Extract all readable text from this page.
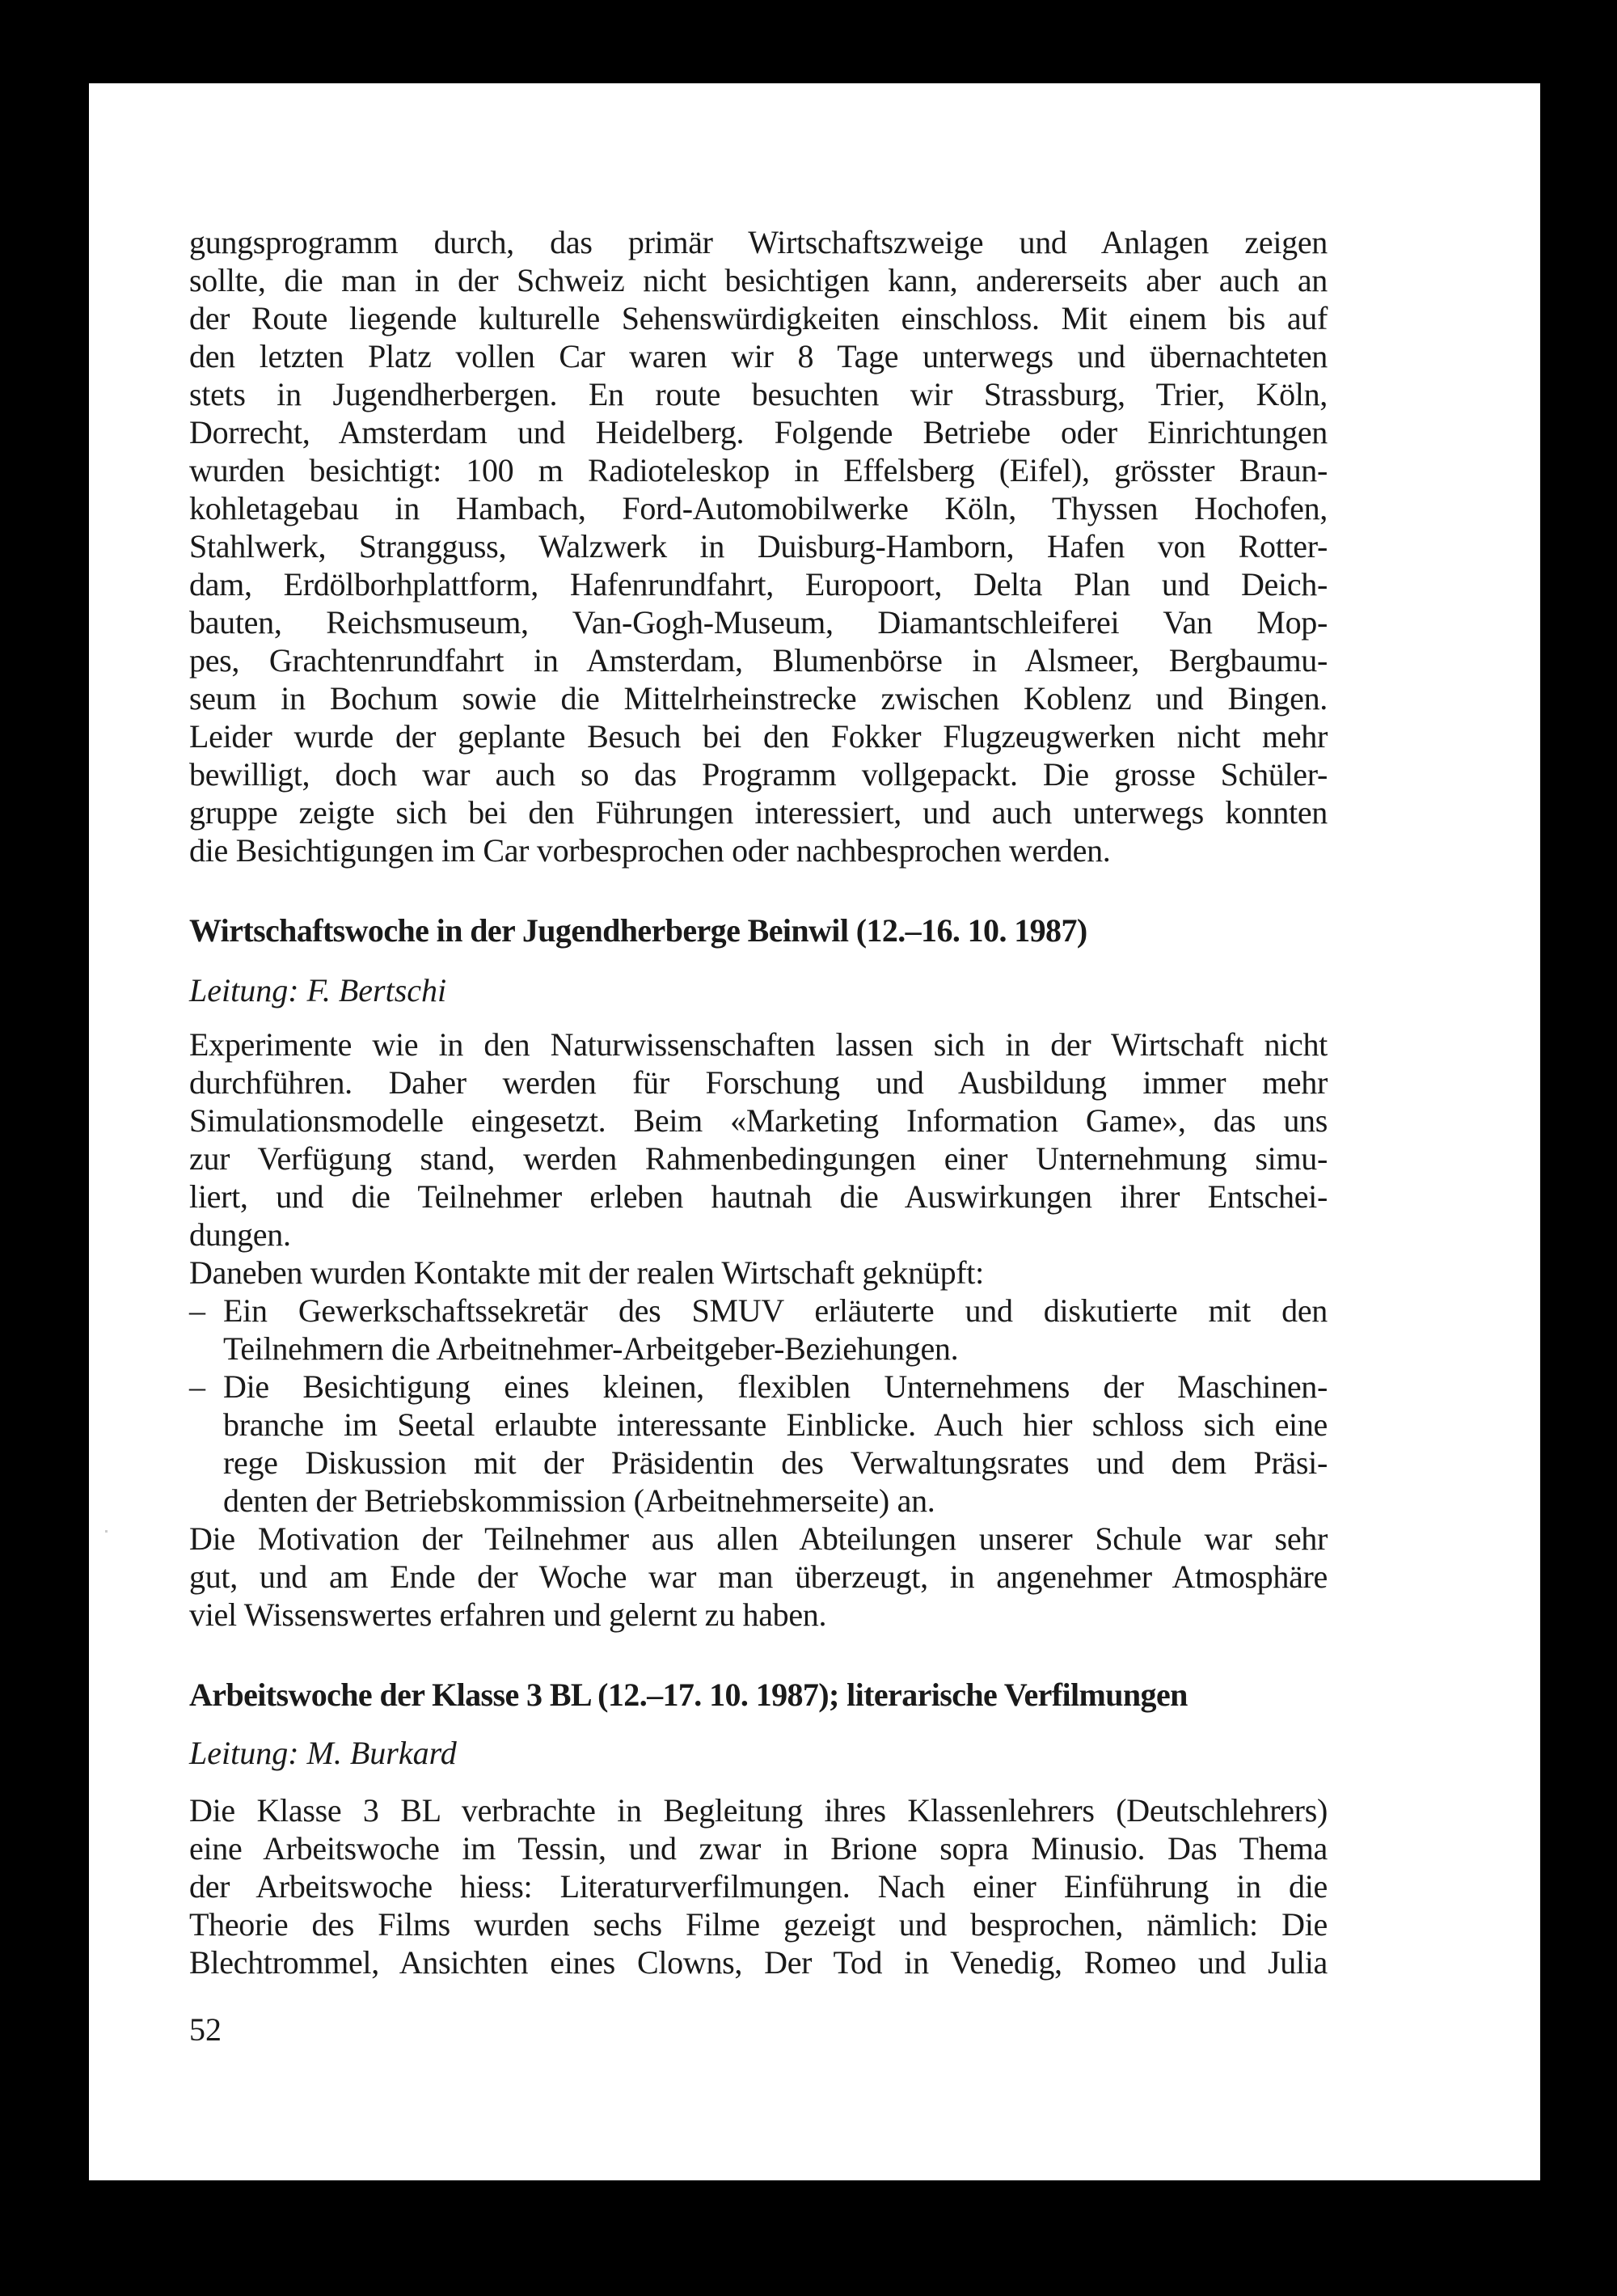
gungsprogramm durch, das primär Wirtschaftszweige und Anlagen zeigen
sollte, die man in der Schweiz nicht besichtigen kann, andererseits aber auch an
der Route liegende kulturelle Sehenswürdigkeiten einschloss. Mit einem bis auf
den letzten Platz vollen Car waren wir 8 Tage unterwegs und übernachteten
stets in Jugendherbergen. En route besuchten wir Strassburg, Trier, Köln,
Dorrecht, Amsterdam und Heidelberg. Folgende Betriebe oder Einrichtungen
wurden besichtigt: 100 m Radioteleskop in Effelsberg (Eifel), grösster Braun-
kohletagebau in Hambach, Ford-Automobilwerke Köln, Thyssen Hochofen,
Stahlwerk, Strangguss, Walzwerk in Duisburg-Hamborn, Hafen von Rotter-
dam, Erdölborhplattform, Hafenrundfahrt, Europoort, Delta Plan und Deich-
bauten, Reichsmuseum, Van-Gogh-Museum, Diamantschleiferei Van Mop-
pes, Grachtenrundfahrt in Amsterdam, Blumenbörse in Alsmeer, Bergbaumu-
seum in Bochum sowie die Mittelrheinstrecke zwischen Koblenz und Bingen.
Leider wurde der geplante Besuch bei den Fokker Flugzeugwerken nicht mehr
bewilligt, doch war auch so das Programm vollgepackt. Die grosse Schüler-
gruppe zeigte sich bei den Führungen interessiert, und auch unterwegs konnten
die Besichtigungen im Car vorbesprochen oder nachbesprochen werden.
Wirtschaftswoche in der Jugendherberge Beinwil (12.–16. 10. 1987)
Leitung: F. Bertschi
Experimente wie in den Naturwissenschaften lassen sich in der Wirtschaft nicht
durchführen. Daher werden für Forschung und Ausbildung immer mehr
Simulationsmodelle eingesetzt. Beim «Marketing Information Game», das uns
zur Verfügung stand, werden Rahmenbedingungen einer Unternehmung simu-
liert, und die Teilnehmer erleben hautnah die Auswirkungen ihrer Entschei-
dungen.
Daneben wurden Kontakte mit der realen Wirtschaft geknüpft:
– Ein Gewerkschaftssekretär des SMUV erläuterte und diskutierte mit den
Teilnehmern die Arbeitnehmer-Arbeitgeber-Beziehungen.
– Die Besichtigung eines kleinen, flexiblen Unternehmens der Maschinen-
branche im Seetal erlaubte interessante Einblicke. Auch hier schloss sich eine
rege Diskussion mit der Präsidentin des Verwaltungsrates und dem Präsi-
denten der Betriebskommission (Arbeitnehmerseite) an.
Die Motivation der Teilnehmer aus allen Abteilungen unserer Schule war sehr
gut, und am Ende der Woche war man überzeugt, in angenehmer Atmosphäre
viel Wissenswertes erfahren und gelernt zu haben.
Arbeitswoche der Klasse 3 BL (12.–17. 10. 1987); literarische Verfilmungen
Leitung: M. Burkard
Die Klasse 3 BL verbrachte in Begleitung ihres Klassenlehrers (Deutschlehrers)
eine Arbeitswoche im Tessin, und zwar in Brione sopra Minusio. Das Thema
der Arbeitswoche hiess: Literaturverfilmungen. Nach einer Einführung in die
Theorie des Films wurden sechs Filme gezeigt und besprochen, nämlich: Die
Blechtrommel, Ansichten eines Clowns, Der Tod in Venedig, Romeo und Julia
52
